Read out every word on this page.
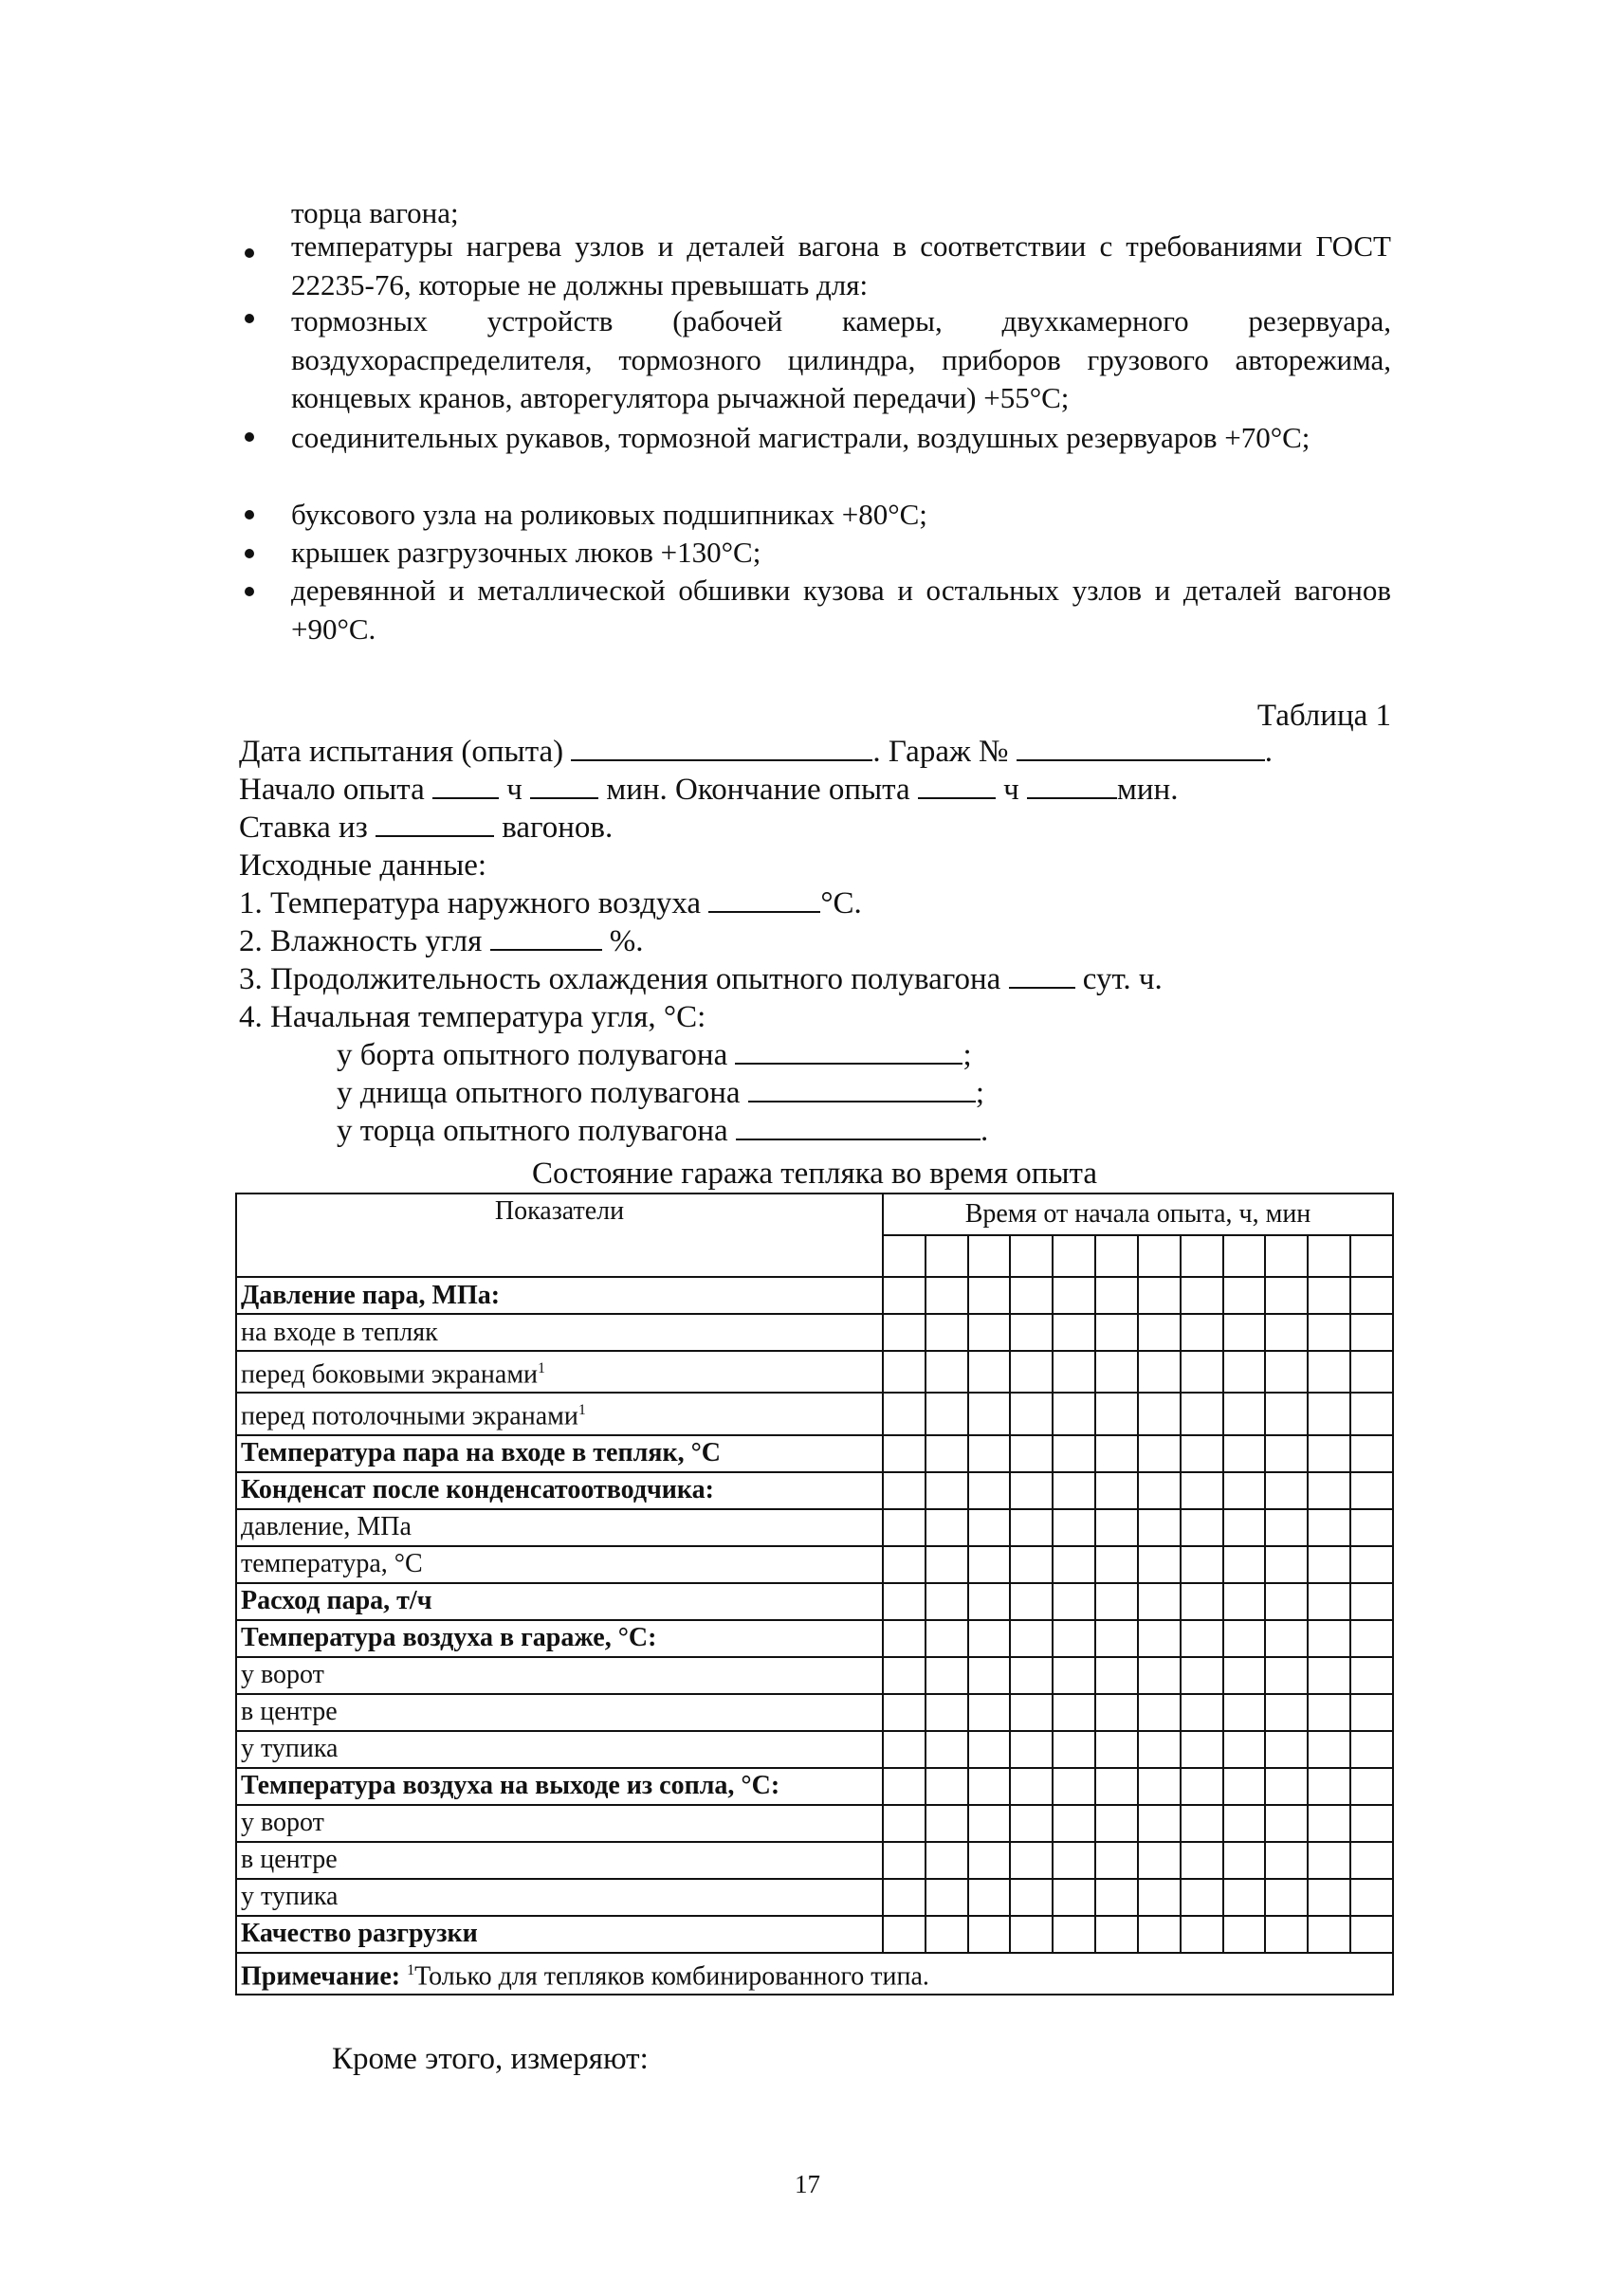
торца вагона;
температуры нагрева узлов и деталей вагона в соответствии с требованиями ГОСТ 22235-76, которые не должны превышать для:
тормозных устройств (рабочей камеры, двухкамерного резервуара, воздухораспределителя, тормозного цилиндра, приборов грузового авторежима, концевых кранов, авторегулятора рычажной передачи) +55°С;
соединительных рукавов, тормозной магистрали, воздушных резервуаров +70°С;
буксового узла на роликовых подшипниках +80°С;
крышек разгрузочных люков +130°С;
деревянной и металлической обшивки кузова и остальных узлов и деталей вагонов +90°С.
Таблица 1
Дата испытания (опыта)	. Гараж №	.
Начало опыта	ч	мин. Окончание опыта	ч	мин.
Ставка из	вагонов.
Исходные данные:
1. Температура наружного воздуха	°С.
2. Влажность угля	%.
3. Продолжительность охлаждения опытного полувагона	сут. ч.
4. Начальная температура угля, °С:
у борта опытного полувагона	;
у днища опытного полувагона	;
у торца опытного полувагона	.
Состояние гаража тепляка во время опыта
Показатели	Время от начала опыта, ч, мин											

Давление пара, МПа:												
на входе в тепляк												
перед боковыми экранами$^1$												
перед потолочными экранами$^1$												
Температура пара на входе в тепляк, °С												
Конденсат после конденсатоотводчика:												
давление, МПа												
температура, °С												
Расход пара, т/ч												
Температура воздуха в гараже, °С:												
у ворот												
в центре												
у тупика												
Температура воздуха на выходе из сопла, °С:												
у ворот												
в центре												
у тупика												
Качество разгрузки												
Примечание: $^1$Только для тепляков комбинированного типа.												
Кроме этого, измеряют:
17
